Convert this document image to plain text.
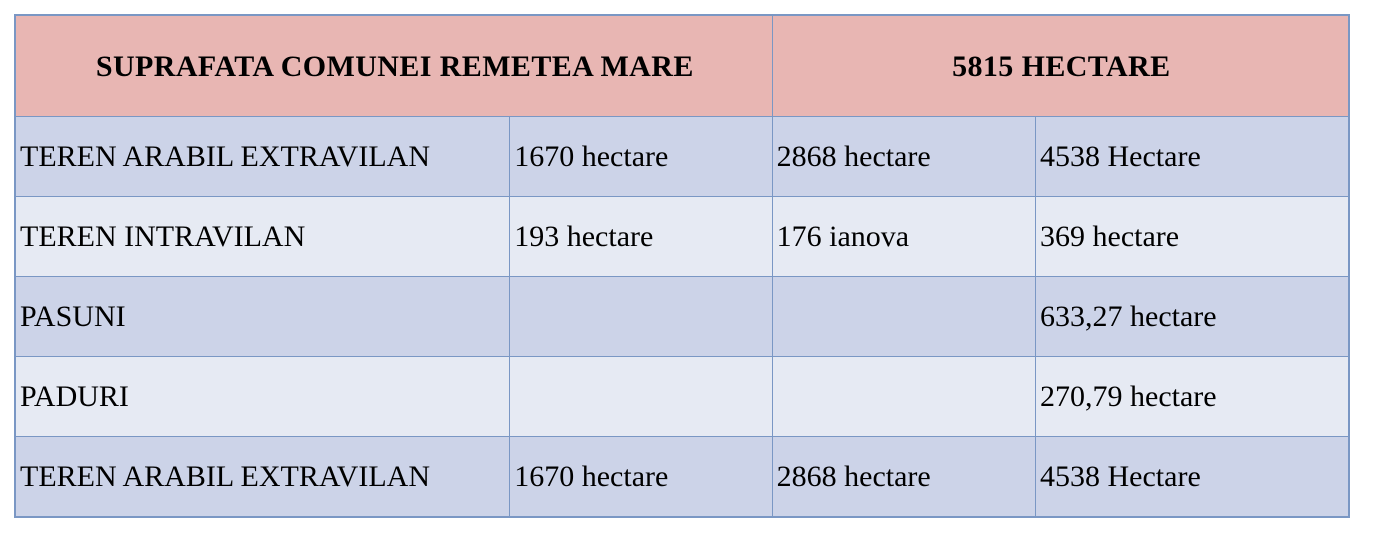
SUPRAFATA COMUNEI REMETEA MARE		5815 HECTARE	
TEREN ARABIL EXTRAVILAN	1670 hectare	2868 hectare	4538 Hectare
TEREN INTRAVILAN	193 hectare	176 ianova	369 hectare
PASUNI			633,27 hectare
PADURI			270,79 hectare
TEREN ARABIL EXTRAVILAN	1670 hectare	2868 hectare	4538 Hectare
